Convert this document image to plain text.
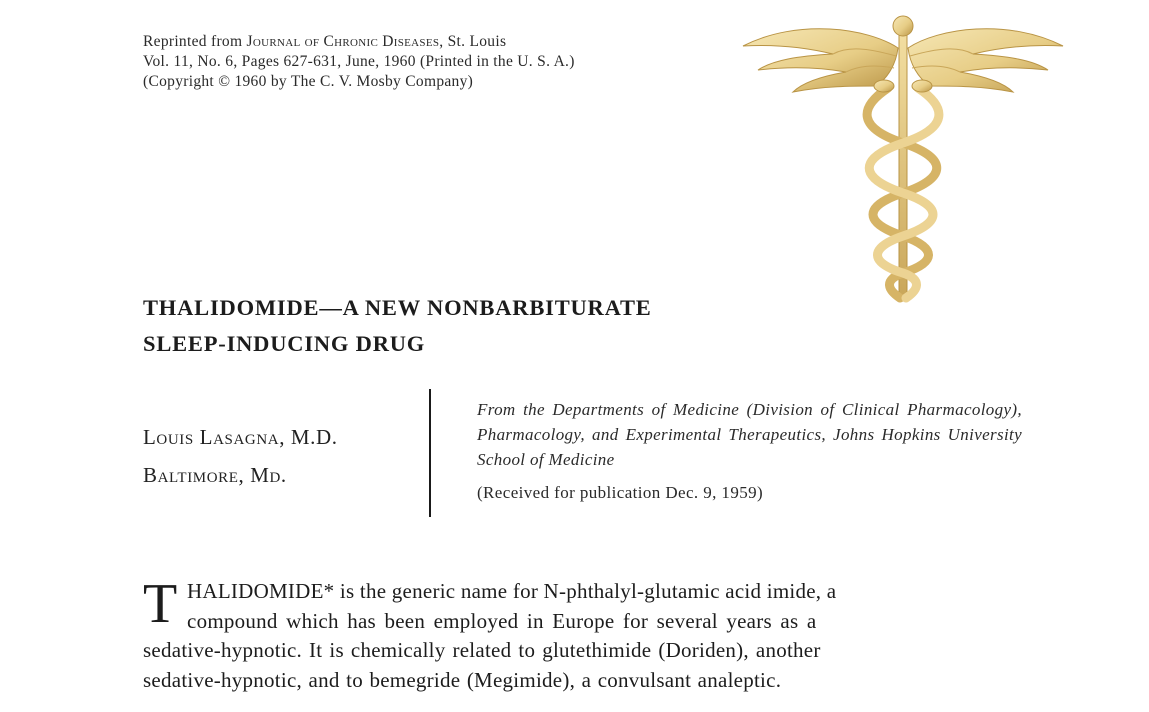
Reprinted from Journal of Chronic Diseases, St. Louis
Vol. 11, No. 6, Pages 627-631, June, 1960 (Printed in the U. S. A.)
(Copyright © 1960 by The C. V. Mosby Company)
THALIDOMIDE—A NEW NONBARBITURATE
SLEEP-INDUCING DRUG
Louis Lasagna, M.D.
Baltimore, Md.
From the Departments of Medicine (Division of Clinical Pharmacology), Pharmacology, and Experimental Therapeutics, Johns Hopkins University School of Medicine
(Received for publication Dec. 9, 1959)
T HALIDOMIDE* is the generic name for N-phthalyl-glutamic acid imide, a
compound which has been employed in Europe for several years as a
sedative-hypnotic. It is chemically related to glutethimide (Doriden), another
sedative-hypnotic, and to bemegride (Megimide), a convulsant analeptic.
